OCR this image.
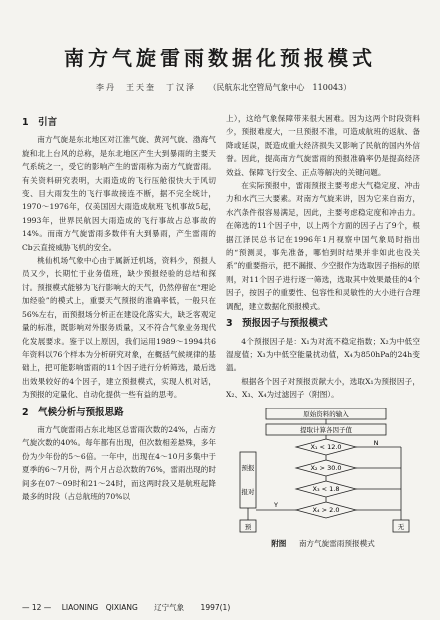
南方气旋雷雨数据化预报模式
李丹　王天奎　丁汉泽 （民航东北空管局气象中心　110043）
1　引言

南方气旋是东北地区对江淮气旋、黄河气旋、渤海气旋和北上台风的总称，是东北地区产生大到暴雨的主要天气系统之一，受它的影响产生的雷雨称为南方气旋雷雨。有关资料研究表明，大雨造成的飞行压舱很快大于风切变、目大雨发生的飞行事故接连不断，据不完全统计，1970～1976年，仅美国因大雨造成航班飞机事故5起，1993年，世界民航因大雨造成的飞行事故占总事故的14%。而南方气旋雷雨多数伴有大到暴雨，产生雷雨的Cb云直接威胁飞机的安全。

桃仙机场气象中心由于属新迁机场，资料少，预报人员又少，长期忙于业务值班，缺少预报经验的总结和探讨。预报模式能够为飞行影响大的天气，仍然停留在“理论加经验”的模式上，重要天气预报的准确率低，一般只在56%左右，而预报场分析正在建设化落实大，缺乏客观定量的标准，既影响对外服务质量，又不符合气象业务现代化发展要求。鉴于以上原因，我们运用1989～1994共6年资料以76个样本为分析研究对象，在概括气候规律的基础上，把可能影响雷雨的11个因子进行分析筛选，最后选出效果较好的4个因子，建立预报模式，实现人机对话，为预报的定量化、自动化提供一些有益的思考。

2　气候分析与预报思路

南方气旋雷雨占东北地区总雷雨次数的24%，占南方气旋次数的40%。每年都有出现，但次数相差悬殊，多年份为少年份的5～6倍。一年中，出现在4～10月多集中于夏季的6～7月份，两个月占总次数的76%，雷雨出现的时间多在07～09时和21～24时，而这两时段又是航班起降最多的时段（占总航班的70%以

上），这给气象保障带来很大困难。因为这两个时段资料少，预报难度大，一旦预报不准，可造成航班的返航、备降或延误，既造成重大经济损失又影响了民航的国内外信誉。因此，提高南方气旋雷雨的预报准确率仍是提高经济效益、保障飞行安全、正点等解决的关键问题。

在实际预报中，雷雨预报主要考虑大气稳定度、冲击力和水汽三大要素。对南方气旋来讲，因为它来自南方，水汽条件很容易满足，因此，主要考虑稳定度和冲击力。在筛选的11个因子中，以上两个方面的因子占了9个，根据江泽民总书记在1996年1月视察中国气象局时指出的“预测灵，事先准备，哪怕到时结果并非如此也没关系”的重要指示，把不漏报、少空报作为选取因子指标的原则，对11个因子进行逐一筛选，选取其中效果最佳的4个因子，按因子的重要性、包容性和灵敏性的大小进行合理调配，建立数据化预报模式。

3　预报因子与预报模式

4个预报因子是：X₁为对流不稳定指数；X₂为中低空湿度值；X₃为中低空能量扰动值，X₄为850hPa的24h变温。

根据各个因子对预报贡献大小，选取X₁为预报因子，X₂、X₃、X₄为过滤因子（附图）。

原始资料的输入
提取计算各因子值
X₁ < 12.0
X₂ > 30.0
X₃ < 1.8
X₄ > 2.0
预报
报对
Y
预
N
无
附图 南方气旋雷雨预报模式
— 12 — LIAONING　QIXIANG 辽宁气象 1997(1)
